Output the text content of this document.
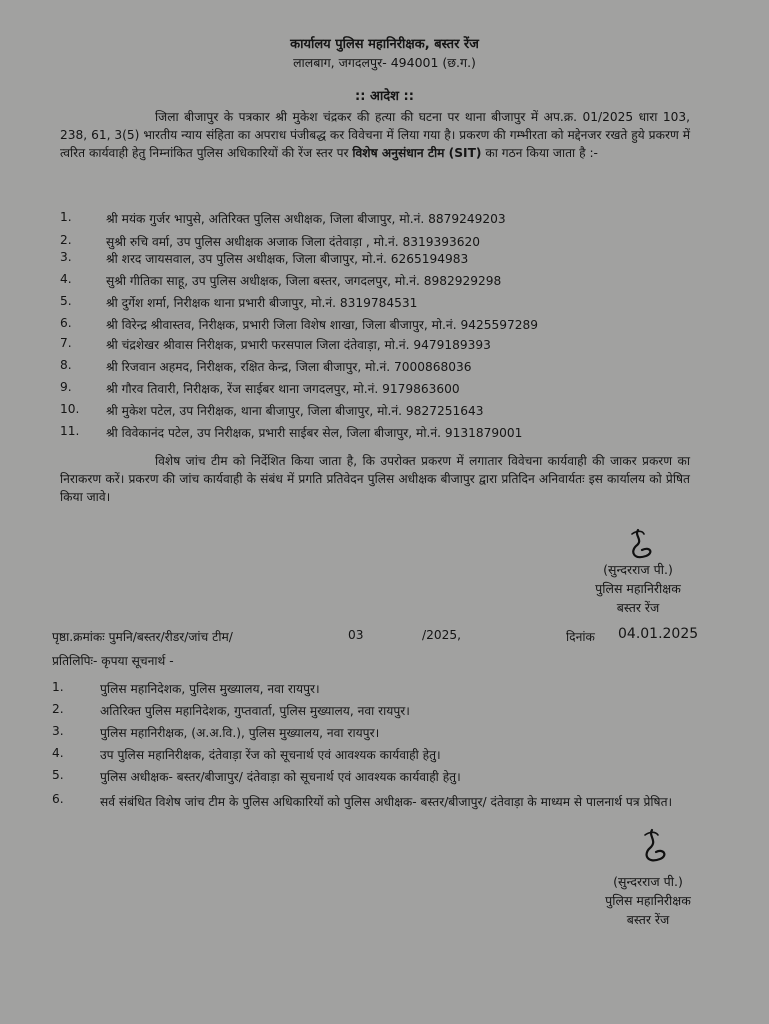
कार्यालय पुलिस महानिरीक्षक, बस्तर रेंज
लालबाग, जगदलपुर- 494001 (छ.ग.)
:: आदेश ::
जिला बीजापुर के पत्रकार श्री मुकेश चंद्रकर की हत्या की घटना पर थाना बीजापुर में अप.क्र. 01/2025 धारा 103, 238, 61, 3(5) भारतीय न्याय संहिता का अपराध पंजीबद्ध कर विवेचना में लिया गया है। प्रकरण की गम्भीरता को मद्देनजर रखते हुये प्रकरण में त्वरित कार्यवाही हेतु निम्नांकित पुलिस अधिकारियों की रेंज स्तर पर विशेष अनुसंधान टीम (SIT) का गठन किया जाता है :-
1.	श्री मयंक गुर्जर भापुसे, अतिरिक्त पुलिस अधीक्षक, जिला बीजापुर, मो.नं. 8879249203
2.	सुश्री रुचि वर्मा, उप पुलिस अधीक्षक अजाक जिला दंतेवाड़ा , मो.नं. 8319393620
3.	श्री शरद जायसवाल, उप पुलिस अधीक्षक, जिला बीजापुर, मो.नं. 6265194983
4.	सुश्री गीतिका साहू, उप पुलिस अधीक्षक, जिला बस्तर, जगदलपुर, मो.नं. 8982929298
5.	श्री दुर्गेश शर्मा, निरीक्षक थाना प्रभारी बीजापुर, मो.नं. 8319784531
6.	श्री विरेन्द्र श्रीवास्तव, निरीक्षक, प्रभारी जिला विशेष शाखा, जिला बीजापुर, मो.नं. 9425597289
7.	श्री चंद्रशेखर श्रीवास निरीक्षक, प्रभारी फरसपाल जिला दंतेवाड़ा, मो.नं. 9479189393
8.	श्री रिजवान अहमद, निरीक्षक, रक्षित केन्द्र, जिला बीजापुर, मो.नं. 7000868036
9.	श्री गौरव तिवारी, निरीक्षक, रेंज साईबर थाना जगदलपुर, मो.नं. 9179863600
10. श्री मुकेश पटेल, उप निरीक्षक, थाना बीजापुर, जिला बीजापुर, मो.नं. 9827251643
11. श्री विवेकानंद पटेल, उप निरीक्षक, प्रभारी साईबर सेल, जिला बीजापुर, मो.नं. 9131879001
विशेष जांच टीम को निर्देशित किया जाता है, कि उपरोक्त प्रकरण में लगातार विवेचना कार्यवाही की जाकर प्रकरण का निराकरण करें। प्रकरण की जांच कार्यवाही के संबंध में प्रगति प्रतिवेदन पुलिस अधीक्षक बीजापुर द्वारा प्रतिदिन अनिवार्यतः इस कार्यालय को प्रेषित किया जावे।
(सुन्दरराज पी.)
पुलिस महानिरीक्षक
बस्तर रेंज
पृष्ठा.क्रमांकः पुमनि/बस्तर/रीडर/जांच टीम/	03	/2025,	दिनांक 04.01.2025
प्रतिलिपिः- कृपया सूचनार्थ -
1.	पुलिस महानिदेशक, पुलिस मुख्यालय, नवा रायपुर।
2.	अतिरिक्त पुलिस महानिदेशक, गुप्तवार्ता, पुलिस मुख्यालय, नवा रायपुर।
3.	पुलिस महानिरीक्षक, (अ.अ.वि.), पुलिस मुख्यालय, नवा रायपुर।
4.	उप पुलिस महानिरीक्षक, दंतेवाड़ा रेंज को सूचनार्थ एवं आवश्यक कार्यवाही हेतु।
5.	पुलिस अधीक्षक- बस्तर/बीजापुर/ दंतेवाड़ा को सूचनार्थ एवं आवश्यक कार्यवाही हेतु।
6.	सर्व संबंधित विशेष जांच टीम के पुलिस अधिकारियों को पुलिस अधीक्षक- बस्तर/बीजापुर/ दंतेवाड़ा के माध्यम से पालनार्थ पत्र प्रेषित।
(सुन्दरराज पी.)
पुलिस महानिरीक्षक
बस्तर रेंज
